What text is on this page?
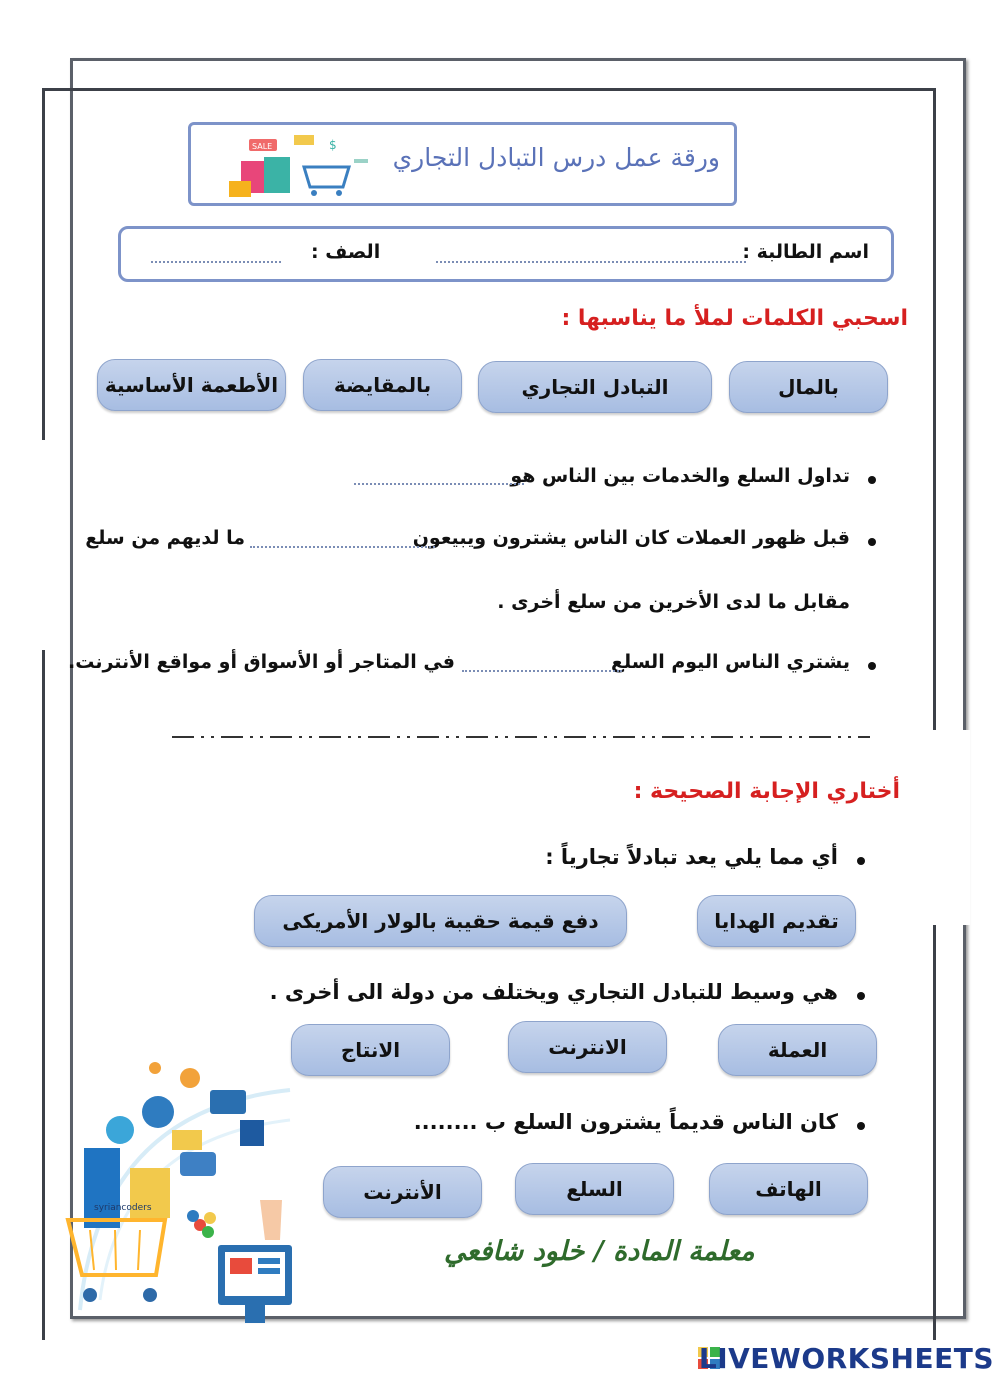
ورقة عمل درس التبادل التجاري
SALE	$
اسم الطالبة :
الصف :
اسحبي الكلمات لملأ ما يناسبها :
بالمال
التبادل التجاري
بالمقايضة
الأطعمة الأساسية
تداول السلع والخدمات بين الناس هو
قبل ظهور العملات كان الناس يشترون ويبيعون
ما لديهم من سلع
مقابل ما لدى الأخرين من سلع أخرى .
يشتري الناس اليوم السلع
في المتاجر أو الأسواق أو مواقع الأنترنت.
أختاري الإجابة الصحيحة :
أي مما يلي يعد تبادلاً تجارياً :
تقديم الهدايا
دفع قيمة حقيبة بالولار الأمريكى
هي وسيط للتبادل التجاري ويختلف من دولة الى أخرى .
العملة
الانترنت
الانتاج
كان الناس قديماً يشترون السلع ب ........
الهاتف
السلع
الأنترنت
syriancoders
معلمة المادة / خلود شافعي
LIVEWORKSHEETS
